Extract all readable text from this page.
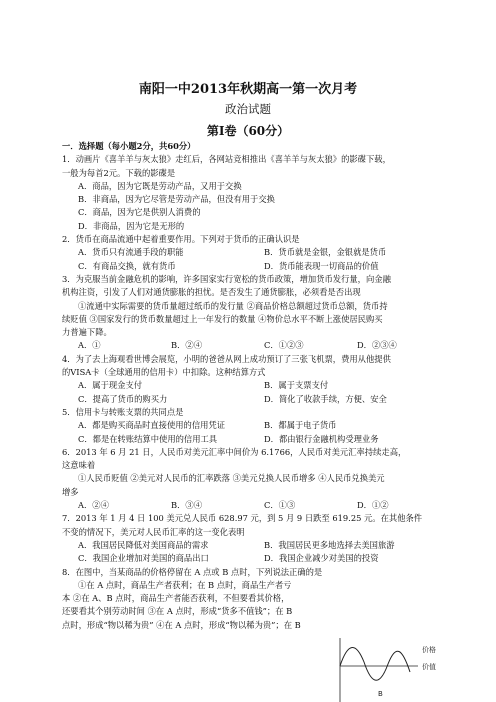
南阳一中2013年秋期高一第一次月考
政治试题
第Ⅰ卷（60分）
一．选择题（每小题2分，共60分）
1．动画片《喜羊羊与灰太狼》走红后，各网站竞相推出《喜羊羊与灰太狼》的影碟下载，
一般为每首2元。下载的影碟是
A．商品，因为它既是劳动产品，又用于交换
B．非商品，因为它尽管是劳动产品，但没有用于交换
C．商品，因为它是供别人消费的
D．非商品，因为它是无形的
2．货币在商品流通中起着重要作用。下列对于货币的正确认识是
A．货币只有流通手段的职能	B．货币就是金银，金银就是货币
C．有商品交换，就有货币	D．货币能表现一切商品的价值
3．为克服当前金融危机的影响，许多国家实行宽松的货币政策，增加货币发行量，向金融
机构注资，引发了人们对通货膨胀的担忧。是否发生了通货膨胀，必须看是否出现
①流通中实际需要的货币量超过纸币的发行量 ②商品价格总额超过货币总额，货币持
续贬值 ③国家发行的货币数量超过上一年发行的数量 ④物价总水平不断上涨使居民购买
力普遍下降。
A．①	B．②④	C．①②③	D．②③④
4．为了去上海观看世博会展览，小明的爸爸从网上成功预订了三张飞机票，费用从他提供
的VISA卡（全球通用的信用卡）中扣除。这种结算方式
A．属于现金支付	B．属于支票支付
C．提高了货币的购买力	D．简化了收款手续，方便、安全
5．信用卡与转账支票的共同点是
A．都是购买商品时直接使用的信用凭证	B．都属于电子货币
C．都是在转账结算中使用的信用工具	D．都由银行金融机构受理业务
6．2013 年 6 月 21 日，人民币对美元汇率中间价为 6.1766，人民币对美元汇率持续走高，
这意味着
①人民币贬值 ②美元对人民币的汇率跌落 ③美元兑换人民币增多 ④人民币兑换美元
增多
A．②④	B．③④	C．①③	D．①②
7．2013 年 1 月 4 日 100 美元兑人民币 628.97 元，到 5 月 9 日跌至 619.25 元。在其他条件
不变的情况下，美元对人民币汇率的这一变化表明
A．我国居民降低对美国商品的需求	B．我国居民更多地选择去美国旅游
C．我国企业增加对美国的商品出口	D．我国企业减少对美国的投资
8．在图中，当某商品的价格停留在 A 点或 B 点时，下列说法正确的是
①在 A 点时，商品生产者获利；在 B 点时，商品生产者亏
本 ②在 A、B 点时，商品生产者能否获利，不但要看其价格，
还要看其个别劳动时间 ③在 A 点时，形成“货多不值钱”；在 B
点时，形成“物以稀为贵” ④在 A 点时，形成“物以稀为贵”；在 B
价格
价值
B
